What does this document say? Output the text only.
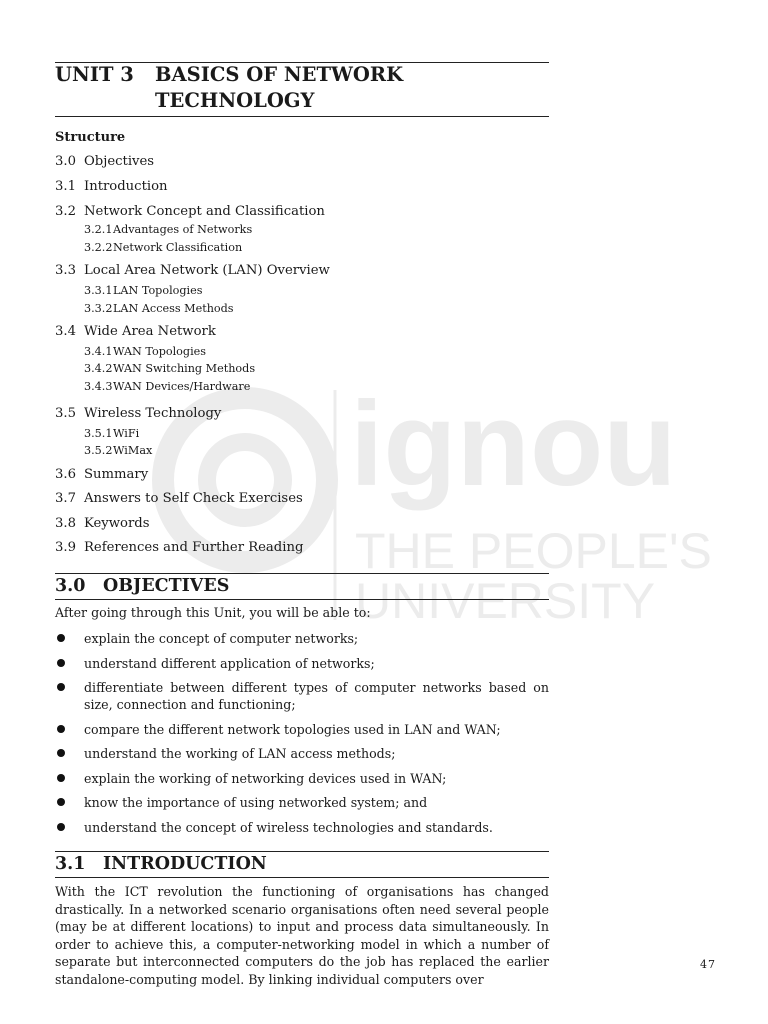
ignou
THE PEOPLE'S
UNIVERSITY
UNIT 3 BASICS OF NETWORK TECHNOLOGY
Structure
3.0 Objectives
3.1 Introduction
3.2 Network Concept and Classification
3.2.1Advantages of Networks
3.2.2Network Classification
3.3 Local Area Network (LAN) Overview
3.3.1LAN Topologies
3.3.2LAN Access Methods
3.4 Wide Area Network
3.4.1WAN Topologies
3.4.2WAN Switching Methods
3.4.3WAN Devices/Hardware
3.5 Wireless Technology
3.5.1WiFi
3.5.2WiMax
3.6 Summary
3.7 Answers to Self Check Exercises
3.8 Keywords
3.9 References and Further Reading
3.0 OBJECTIVES
After going through this Unit, you will be able to:
explain the concept of computer networks;
understand different application of networks;
differentiate between different types of computer networks based on size, connection and functioning;
compare the different network topologies used in LAN and WAN;
understand the working of LAN access methods;
explain the working of networking devices used in WAN;
know the importance of using networked system; and
understand the concept of wireless technologies and standards.
3.1 INTRODUCTION
With the ICT revolution the functioning of organisations has changed drastically. In a networked scenario organisations often need several people (may be at different locations) to input and process data simultaneously. In order to achieve this, a computer-networking model in which a number of separate but interconnected computers do the job has replaced the earlier standalone-computing model. By linking individual computers over
47
